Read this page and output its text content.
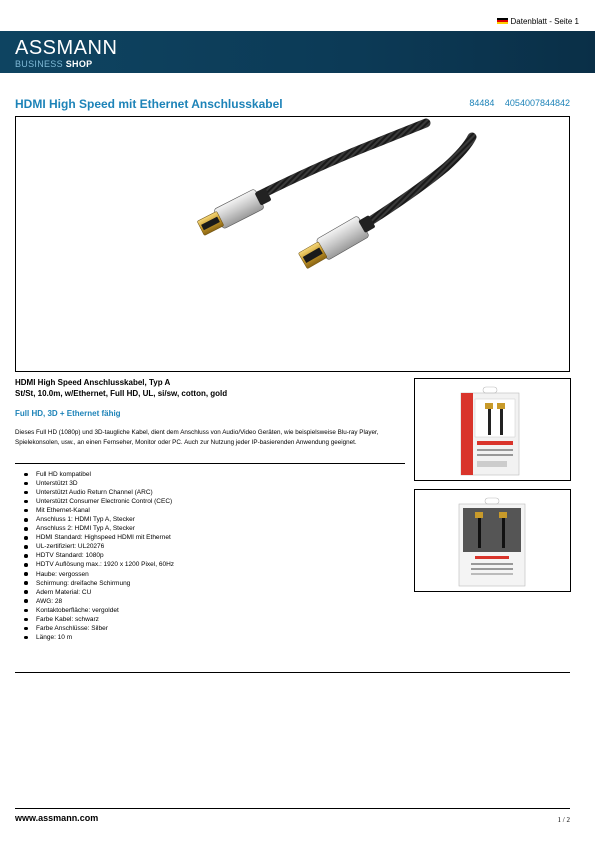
Datenblatt - Seite 1
ASSMANN
BUSINESS SHOP
HDMI High Speed mit Ethernet Anschlusskabel	84484 4054007844842
HDMI High Speed Anschlusskabel, Typ A
St/St, 10.0m, w/Ethernet, Full HD, UL, si/sw, cotton, gold
Full HD, 3D + Ethernet fähig
Dieses Full HD (1080p) und 3D-taugliche Kabel, dient dem Anschluss von Audio/Video Geräten, wie beispielsweise Blu-ray Player, Spielekonsolen, usw., an einen Fernseher, Monitor oder PC. Auch zur Nutzung jeder IP-basierenden Anwendung geeignet.
Full HD kompatibel
Unterstützt 3D
Unterstützt Audio Return Channel (ARC)
Unterstützt Consumer Electronic Control (CEC)
Mit Ethernet-Kanal
Anschluss 1: HDMI Typ A, Stecker
Anschluss 2: HDMI Typ A, Stecker
HDMI Standard: Highspeed HDMI mit Ethernet
UL-zertifiziert: UL20276
HDTV Standard: 1080p
HDTV Auflösung max.: 1920 x 1200 Pixel, 60Hz
Haube: vergossen
Schirmung: dreifache Schirmung
Adern Material: CU
AWG: 28
Kontaktoberfläche: vergoldet
Farbe Kabel: schwarz
Farbe Anschlüsse: Silber
Länge: 10 m
www.assmann.com	1 / 2
